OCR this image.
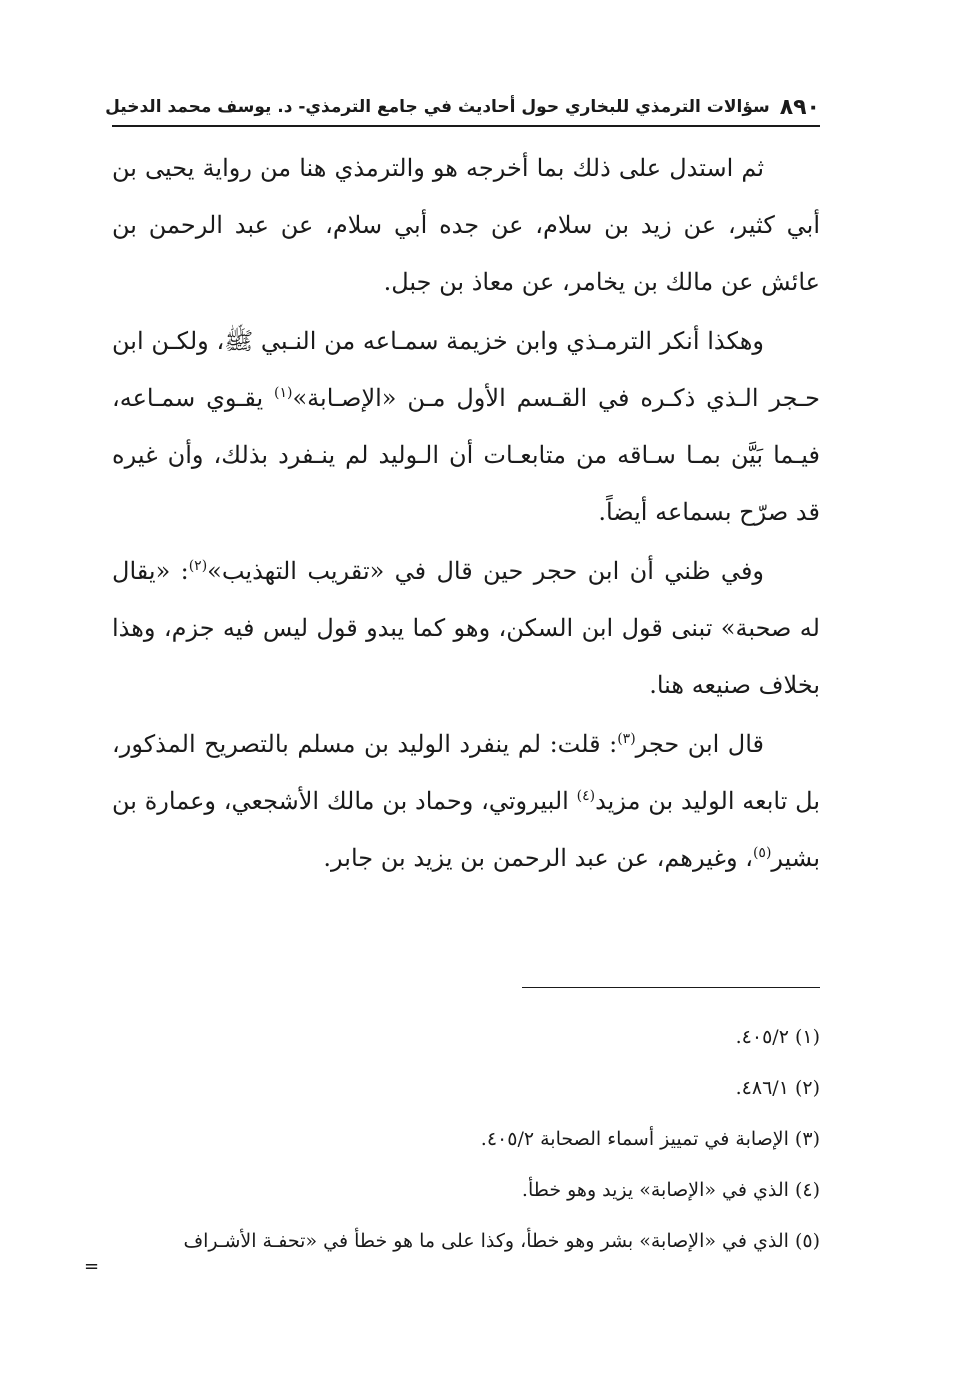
٨٩٠
سؤالات الترمذي للبخاري حول أحاديث في جامع الترمذي- د. يوسف محمد الدخيل

ثم استدل على ذلك بما أخرجه هو والترمذي هنا من رواية يحيى بن أبي كثير، عن زيد بن سلام، عن جده أبي سلام، عن عبد الرحمن بن عائش عن مالك بن يخامر، عن معاذ بن جبل.

وهكذا أنكر الترمـذي وابن خزيمة سمـاعه من النـبي ﷺ، ولكـن ابن حـجر الـذي ذكـره في القـسم الأول مـن «الإصـابة»$^{(١)}$ يقـوي سمـاعه، فيـما بَيَّن بمـا سـاقه من متابعـات أن الـوليد لم ينـفرد بذلك، وأن غيره قد صرّح بسماعه أيضاً.

وفي ظني أن ابن حجر حين قال في «تقريب التهذيب»$^{(٢)}$: «يقال له صحبة» تبنى قول ابن السكن، وهو كما يبدو قول ليس فيه جزم، وهذا بخلاف صنيعه هنا.

قال ابن حجر$^{(٣)}$: قلت: لم ينفرد الوليد بن مسلم بالتصريح المذكور، بل تابعه الوليد بن مزيد$^{(٤)}$ البيروتي، وحماد بن مالك الأشجعي، وعمارة بن بشير$^{(٥)}$، وغيرهم، عن عبد الرحمن بن يزيد بن جابر.

(١) ٤٠٥/٢.
(٢) ٤٨٦/١.
(٣) الإصابة في تمييز أسماء الصحابة ٤٠٥/٢.
(٤) الذي في «الإصابة» يزيد وهو خطأ.
(٥) الذي في «الإصابة» بشر وهو خطأ، وكذا على ما هو خطأ في «تحفـة الأشـراف
=
